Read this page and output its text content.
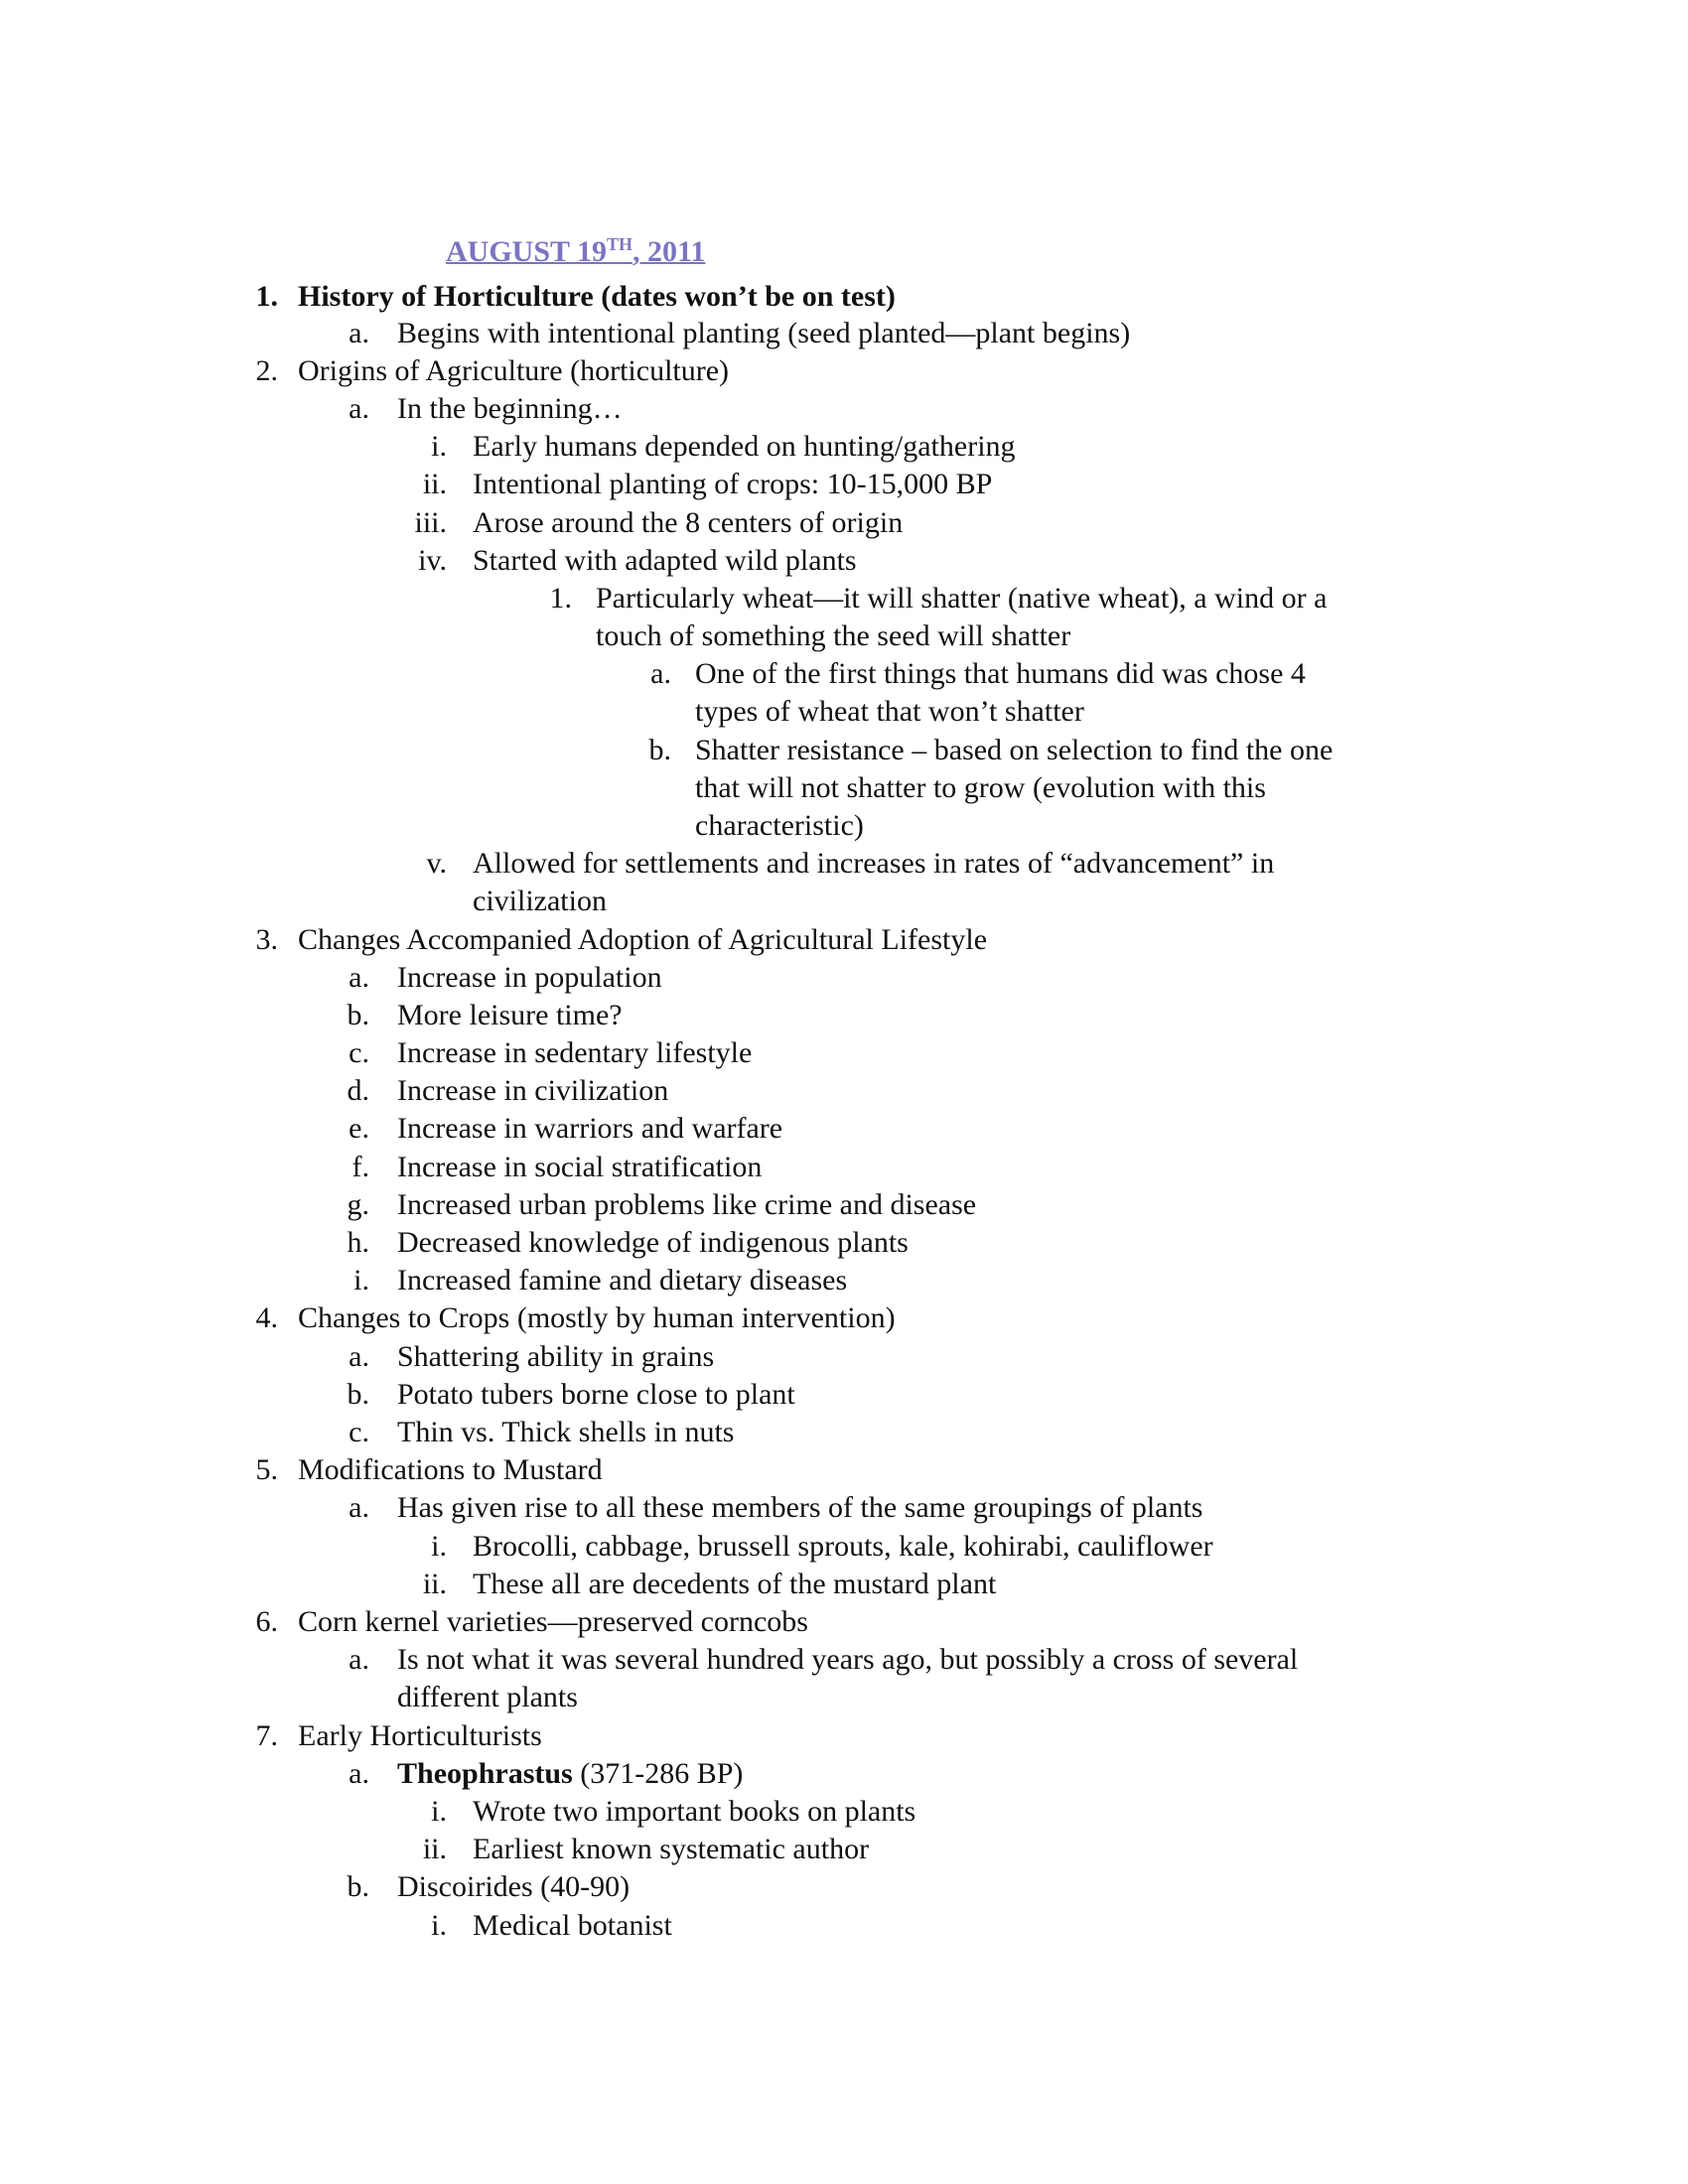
AUGUST 19TH, 2011
1. History of Horticulture (dates won’t be on test)
a. Begins with intentional planting (seed planted—plant begins)
2. Origins of Agriculture (horticulture)
a. In the beginning…
i. Early humans depended on hunting/gathering
ii. Intentional planting of crops: 10-15,000 BP
iii. Arose around the 8 centers of origin
iv. Started with adapted wild plants
1. Particularly wheat—it will shatter (native wheat), a wind or a
touch of something the seed will shatter
a. One of the first things that humans did was chose 4
types of wheat that won’t shatter
b. Shatter resistance – based on selection to find the one
that will not shatter to grow (evolution with this
characteristic)
v. Allowed for settlements and increases in rates of “advancement” in
civilization
3. Changes Accompanied Adoption of Agricultural Lifestyle
a. Increase in population
b. More leisure time?
c. Increase in sedentary lifestyle
d. Increase in civilization
e. Increase in warriors and warfare
f. Increase in social stratification
g. Increased urban problems like crime and disease
h. Decreased knowledge of indigenous plants
i. Increased famine and dietary diseases
4. Changes to Crops (mostly by human intervention)
a. Shattering ability in grains
b. Potato tubers borne close to plant
c. Thin vs. Thick shells in nuts
5. Modifications to Mustard
a. Has given rise to all these members of the same groupings of plants
i. Brocolli, cabbage, brussell sprouts, kale, kohirabi, cauliflower
ii. These all are decedents of the mustard plant
6. Corn kernel varieties—preserved corncobs
a. Is not what it was several hundred years ago, but possibly a cross of several
different plants
7. Early Horticulturists
a. Theophrastus (371-286 BP)
i. Wrote two important books on plants
ii. Earliest known systematic author
b. Discoirides (40-90)
i. Medical botanist
